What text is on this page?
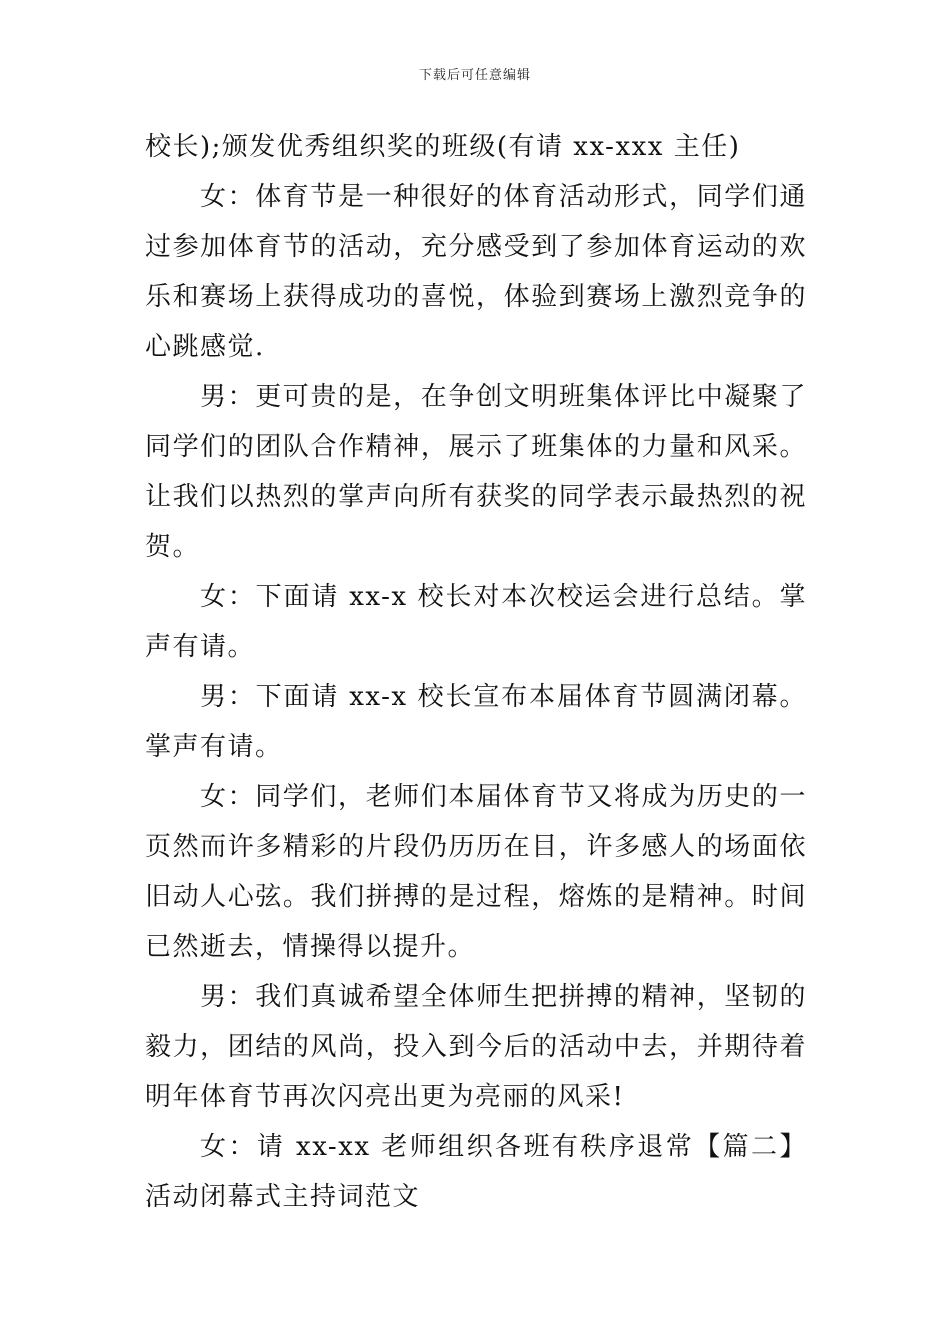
下载后可任意编辑

校长);颁发优秀组织奖的班级(有请 xx-xxx 主任)

女：体育节是一种很好的体育活动形式，同学们通过参加体育节的活动，充分感受到了参加体育运动的欢乐和赛场上获得成功的喜悦，体验到赛场上激烈竞争的心跳感觉.

男：更可贵的是，在争创文明班集体评比中凝聚了同学们的团队合作精神，展示了班集体的力量和风采。让我们以热烈的掌声向所有获奖的同学表示最热烈的祝贺。

女：下面请 xx-x 校长对本次校运会进行总结。掌声有请。

男：下面请 xx-x 校长宣布本届体育节圆满闭幕。掌声有请。

女：同学们，老师们本届体育节又将成为历史的一页然而许多精彩的片段仍历历在目，许多感人的场面依旧动人心弦。我们拼搏的是过程，熔炼的是精神。时间已然逝去，情操得以提升。

男：我们真诚希望全体师生把拼搏的精神，坚韧的毅力，团结的风尚，投入到今后的活动中去，并期待着明年体育节再次闪亮出更为亮丽的风采!

女：请 xx-xx 老师组织各班有秩序退常【篇二】活动闭幕式主持词范文
